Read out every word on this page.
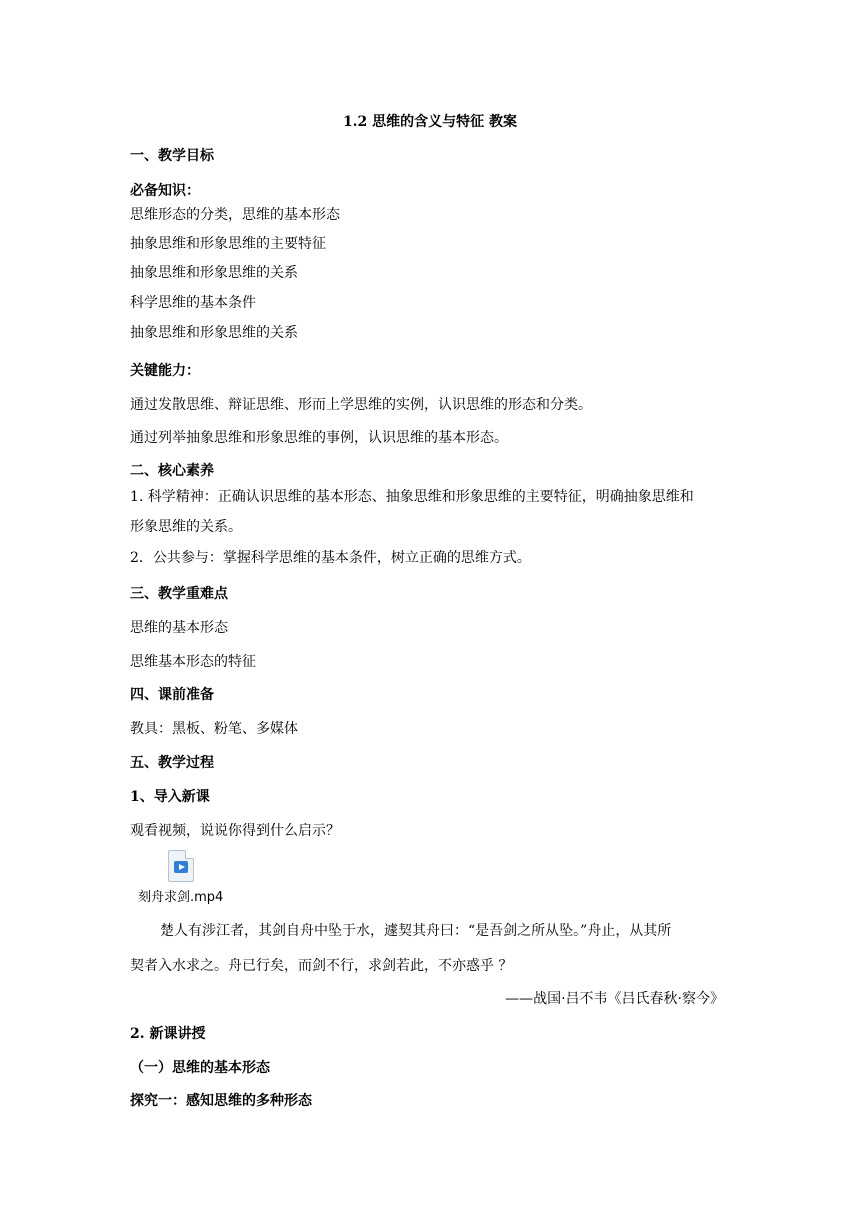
1.2 思维的含义与特征 教案
一、教学目标
必备知识：
思维形态的分类，思维的基本形态
抽象思维和形象思维的主要特征
抽象思维和形象思维的关系
科学思维的基本条件
抽象思维和形象思维的关系
关键能力：
通过发散思维、辩证思维、形而上学思维的实例，认识思维的形态和分类。
通过列举抽象思维和形象思维的事例，认识思维的基本形态。
二、核心素养
1. 科学精神：正确认识思维的基本形态、抽象思维和形象思维的主要特征，明确抽象思维和
形象思维的关系。
2．公共参与：掌握科学思维的基本条件，树立正确的思维方式。
三、教学重难点
思维的基本形态
思维基本形态的特征
四、课前准备
教具：黑板、粉笔、多媒体
五、教学过程
1、导入新课
观看视频，说说你得到什么启示？
刻舟求剑.mp4
楚人有涉江者，其剑自舟中坠于水，遽契其舟曰：“是吾剑之所从坠。”舟止，从其所
契者入水求之。舟已行矣，而剑不行，求剑若此，不亦惑乎 ？
——战国·吕不韦《吕氏春秋·察今》
2. 新课讲授
（一）思维的基本形态
探究一：感知思维的多种形态
